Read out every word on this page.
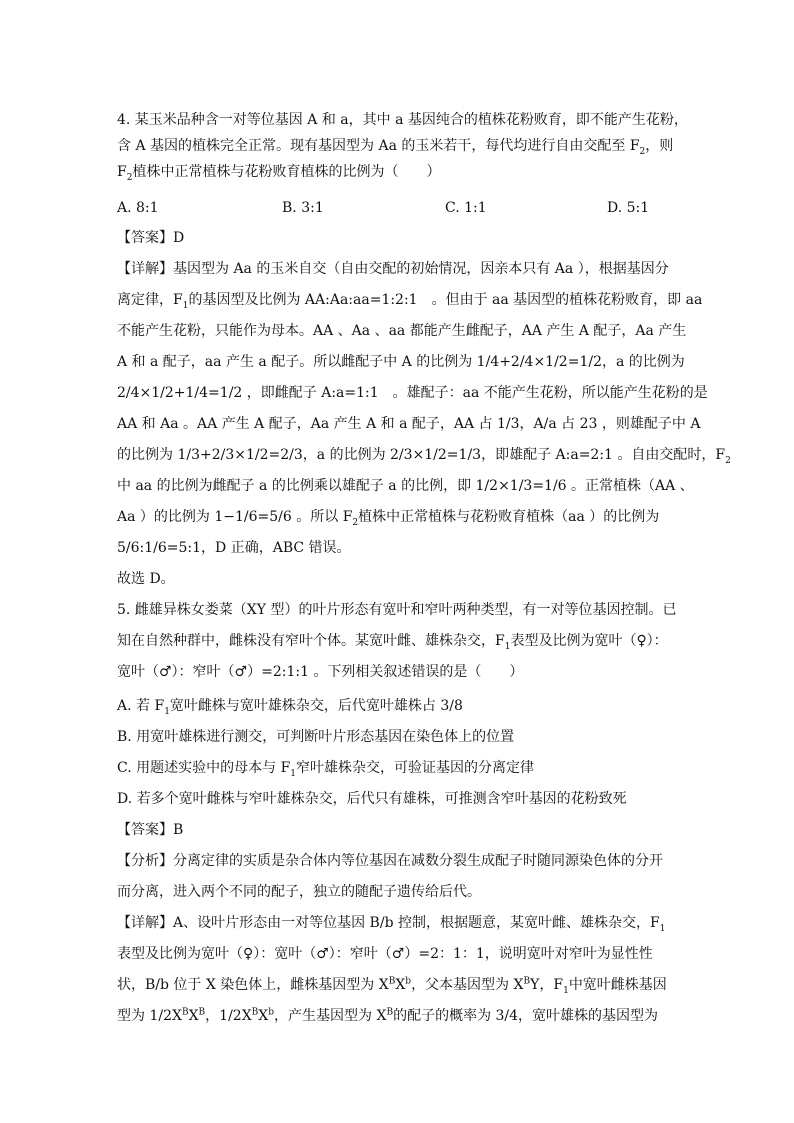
4. 某玉米品种含一对等位基因 A 和 a，其中 a 基因纯合的植株花粉败育，即不能产生花粉，
含 A 基因的植株完全正常。现有基因型为 Aa 的玉米若干，每代均进行自由交配至 $F_2$，则
$F_2$植株中正常植株与花粉败育植株的比例为（　　）
A. 8:1	B. 3:1	C. 1:1	D. 5:1
【答案】D
【详解】基因型为 Aa 的玉米自交（自由交配的初始情况，因亲本只有 Aa ），根据基因分
离定律，$F_1$的基因型及比例为 AA:Aa:aa=1:2:1　。但由于 aa 基因型的植株花粉败育，即 aa
不能产生花粉，只能作为母本。AA 、Aa 、aa 都能产生雌配子，AA 产生 A 配子，Aa 产生
A 和 a 配子，aa 产生 a 配子。所以雌配子中 A 的比例为 1/4+2/4×1/2=1/2，a 的比例为
2/4×1/2+1/4=1/2 ，即雌配子 A:a=1:1　。雄配子：aa 不能产生花粉，所以能产生花粉的是
AA 和 Aa 。AA 产生 A 配子，Aa 产生 A 和 a 配子，AA 占 1/3，A/a 占 23 ，则雄配子中 A
的比例为 1/3+2/3×1/2=2/3，a 的比例为 2/3×1/2=1/3，即雄配子 A:a=2:1 。自由交配时，$F_2$
中 aa 的比例为雌配子 a 的比例乘以雄配子 a 的比例，即 1/2×1/3=1/6 。正常植株（AA 、
Aa ）的比例为 1−1/6=5/6 。所以 $F_2$植株中正常植株与花粉败育植株（aa ）的比例为
5/6:1/6=5:1，D 正确，ABC 错误。
故选 D。
5. 雌雄异株女娄菜（XY 型）的叶片形态有宽叶和窄叶两种类型，有一对等位基因控制。已
知在自然种群中，雌株没有窄叶个体。某宽叶雌、雄株杂交，$F_1$表型及比例为宽叶（♀）：
宽叶（♂）：窄叶（♂）=2:1:1 。下列相关叙述错误的是（　　）
A. 若 $F_1$宽叶雌株与宽叶雄株杂交，后代宽叶雄株占 3/8
B. 用宽叶雄株进行测交，可判断叶片形态基因在染色体上的位置
C. 用题述实验中的母本与 $F_1$窄叶雄株杂交，可验证基因的分离定律
D. 若多个宽叶雌株与窄叶雄株杂交，后代只有雄株，可推测含窄叶基因的花粉致死
【答案】B
【分析】分离定律的实质是杂合体内等位基因在减数分裂生成配子时随同源染色体的分开
而分离，进入两个不同的配子，独立的随配子遗传给后代。
【详解】A、设叶片形态由一对等位基因 B/b 控制，根据题意，某宽叶雌、雄株杂交，$F_1$
表型及比例为宽叶（♀）：宽叶（♂）：窄叶（♂）=2：1：1，说明宽叶对窄叶为显性性
状，B/b 位于 X 染色体上，雌株基因型为 $X^BX^b$，父本基因型为 $X^BY$，$F_1$中宽叶雌株基因
型为 $1/2X^BX^B$，$1/2X^BX^b$，产生基因型为 $X^B$的配子的概率为 3/4，宽叶雄株的基因型为
